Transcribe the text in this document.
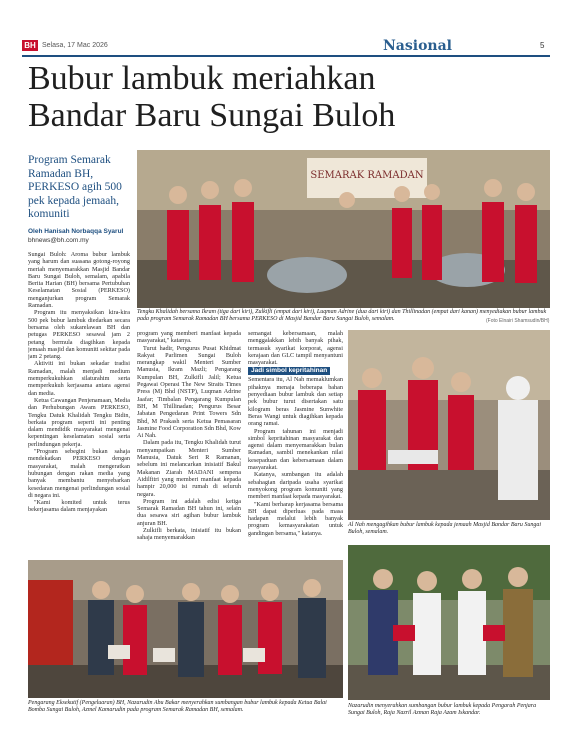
BH Selasa, 17 Mac 2026	Nasional	5
Bubur lambuk meriahkan
Bandar Baru Sungai Buloh
Program Semarak Ramadan BH, PERKESO agih 500 pek kepada jemaah, komuniti
Oleh Hanisah Norbaqqa Syarul
bhnews@bh.com.my
SEMARAK RAMADAN
Tengku Khalidah bersama Ikram (tiga dari kiri), Zulkifli (empat dari kiri), Luqman Adrine (dua dari kiri) dan Thillinadan (empat dari kanan) menyediakan bubur lambuk pada program Semarak Ramadan BH bersama PERKESO di Masjid Bandar Baru Sungai Buloh, semalam.	(Foto Elnairi Shamsudin/BH)

Sungai Buloh: Aroma bubur lambuk yang harum dan suasana gotong-royong meriah menyemarakkan Masjid Bandar Baru Sungai Buloh, semalam, apabila Berita Harian (BH) bersama Pertubuhan Keselamatan Sosial (PERKESO) menganjurkan program Semarak Ramadan.

Program itu menyaksikan kira-kira 500 pek bubur lambuk diedarkan secara bersama oleh sukarelawan BH dan petugas PERKESO sesawal jam 2 petang bermula diagihkan kepada jemaah masjid dan komuniti sekitar pada jam 2 petang.

Aktiviti ini bukan sekadar tradisi Ramadan, malah menjadi medium memperkukuhkan silaturahim serta memperkukuh kerjasama antara agensi dan media.

Ketua Cawangan Penjenamaan, Media dan Perhubungan Awam PERKESO, Tengku Datuk Khalidah Tengku Bidin, berkata program seperti ini penting dalam mendidik masyarakat mengenai kepentingan keselamatan sosial serta perlindungan pekerja.

"Program sebegini bukan sahaja mendekatkan PERKESO dengan masyarakat, malah mengeratkan hubungan dengan rakan media yang banyak membantu menyebarkan kesedaran mengenai perlindungan sosial di negara ini.

"Kami komited untuk terus bekerjasama dalam menjayakan

program yang memberi manfaat kepada masyarakat," katanya.

Turut hadir, Pengurus Pusat Khidmat Rakyat Parlimen Sungai Buloh merangkap wakil Menteri Sumber Manusia, Ikram Mazli; Pengarang Kumpulan BH, Zulkifli Jalil; Ketua Pegawai Operasi The New Straits Times Press (M) Bhd (NSTP), Luqman Adrine Jaafar; Timbalan Pengarang Kumpulan BH, M Thillinadan; Pengurus Besar Jabatan Pengedaran Print Towers Sdn Bhd, M Prakash serta Ketua Pemasaran Jasmine Food Corporation Sdn Bhd, Kow Ai Nah.

Dalam pada itu, Tengku Khalidah turut menyampaikan Menteri Sumber Manusia, Datuk Seri R Ramanan, sebelum ini melancarkan inisiatif Bakul Makanan Ziarah MADANI sempena Aidilfitri yang memberi manfaat kepada hampir 20,000 isi rumah di seluruh negara.

Program ini adalah edisi ketiga Semarak Ramadan BH tahun ini, selain dua sesawa siri agihan bubur lambuk anjuran BH.

Zulkifli berkata, inisiatif itu bukan sahaja menyemarakkan

semangat kebersamaan, malah menggalakkan lebih banyak pihak, termasuk syarikat korporat, agensi kerajaan dan GLC tampil menyantuni masyarakat.

Jadi simbol kepritahinan

Sementara itu, Al Nah memaklumkan pihaknya menaja beberapa bahan penyediaan bubur lambuk dan setiap pek bubur turut disertakan satu kilogram beras Jasmine Sunwhite Beras Wangi untuk diagihkan kepada orang ramai.

Program tahunan ini menjadi simbol kepritahinan masyarakat dan agensi dalam menyemarakkan bulan Ramadan, sambil menekankan nilai kesepaduan dan kebersamaan dalam masyarakat.

Katanya, sumbangan itu adalah sebahagian daripada usaha syarikat menyokong program komuniti yang memberi manfaat kepada masyarakat.

"Kami berharap kerjasama bersama BH dapat diperluas pada masa hadapan melalui lebih banyak program kemasyarakatan untuk gandingan bersama," katanya.

Al Nah mengagihkan bubur lambuk kepada jemaah Masjid Bandar Baru Sungai Buloh, semalam.
Pengarang Eksekutif (Pengeluaran) BH, Nazarudin Abu Bakar menyerahkan sumbangan bubur lambuk kepada Ketua Balai Bomba Sungai Buloh, Azmel Kamarudin pada program Semarak Ramadan BH, semalam.
Nazarudin menyerahkan sumbangan bubur lambuk kepada Pengarah Penjara Sungai Buloh, Raja Nazril Azman Raja Azam Iskandar.
